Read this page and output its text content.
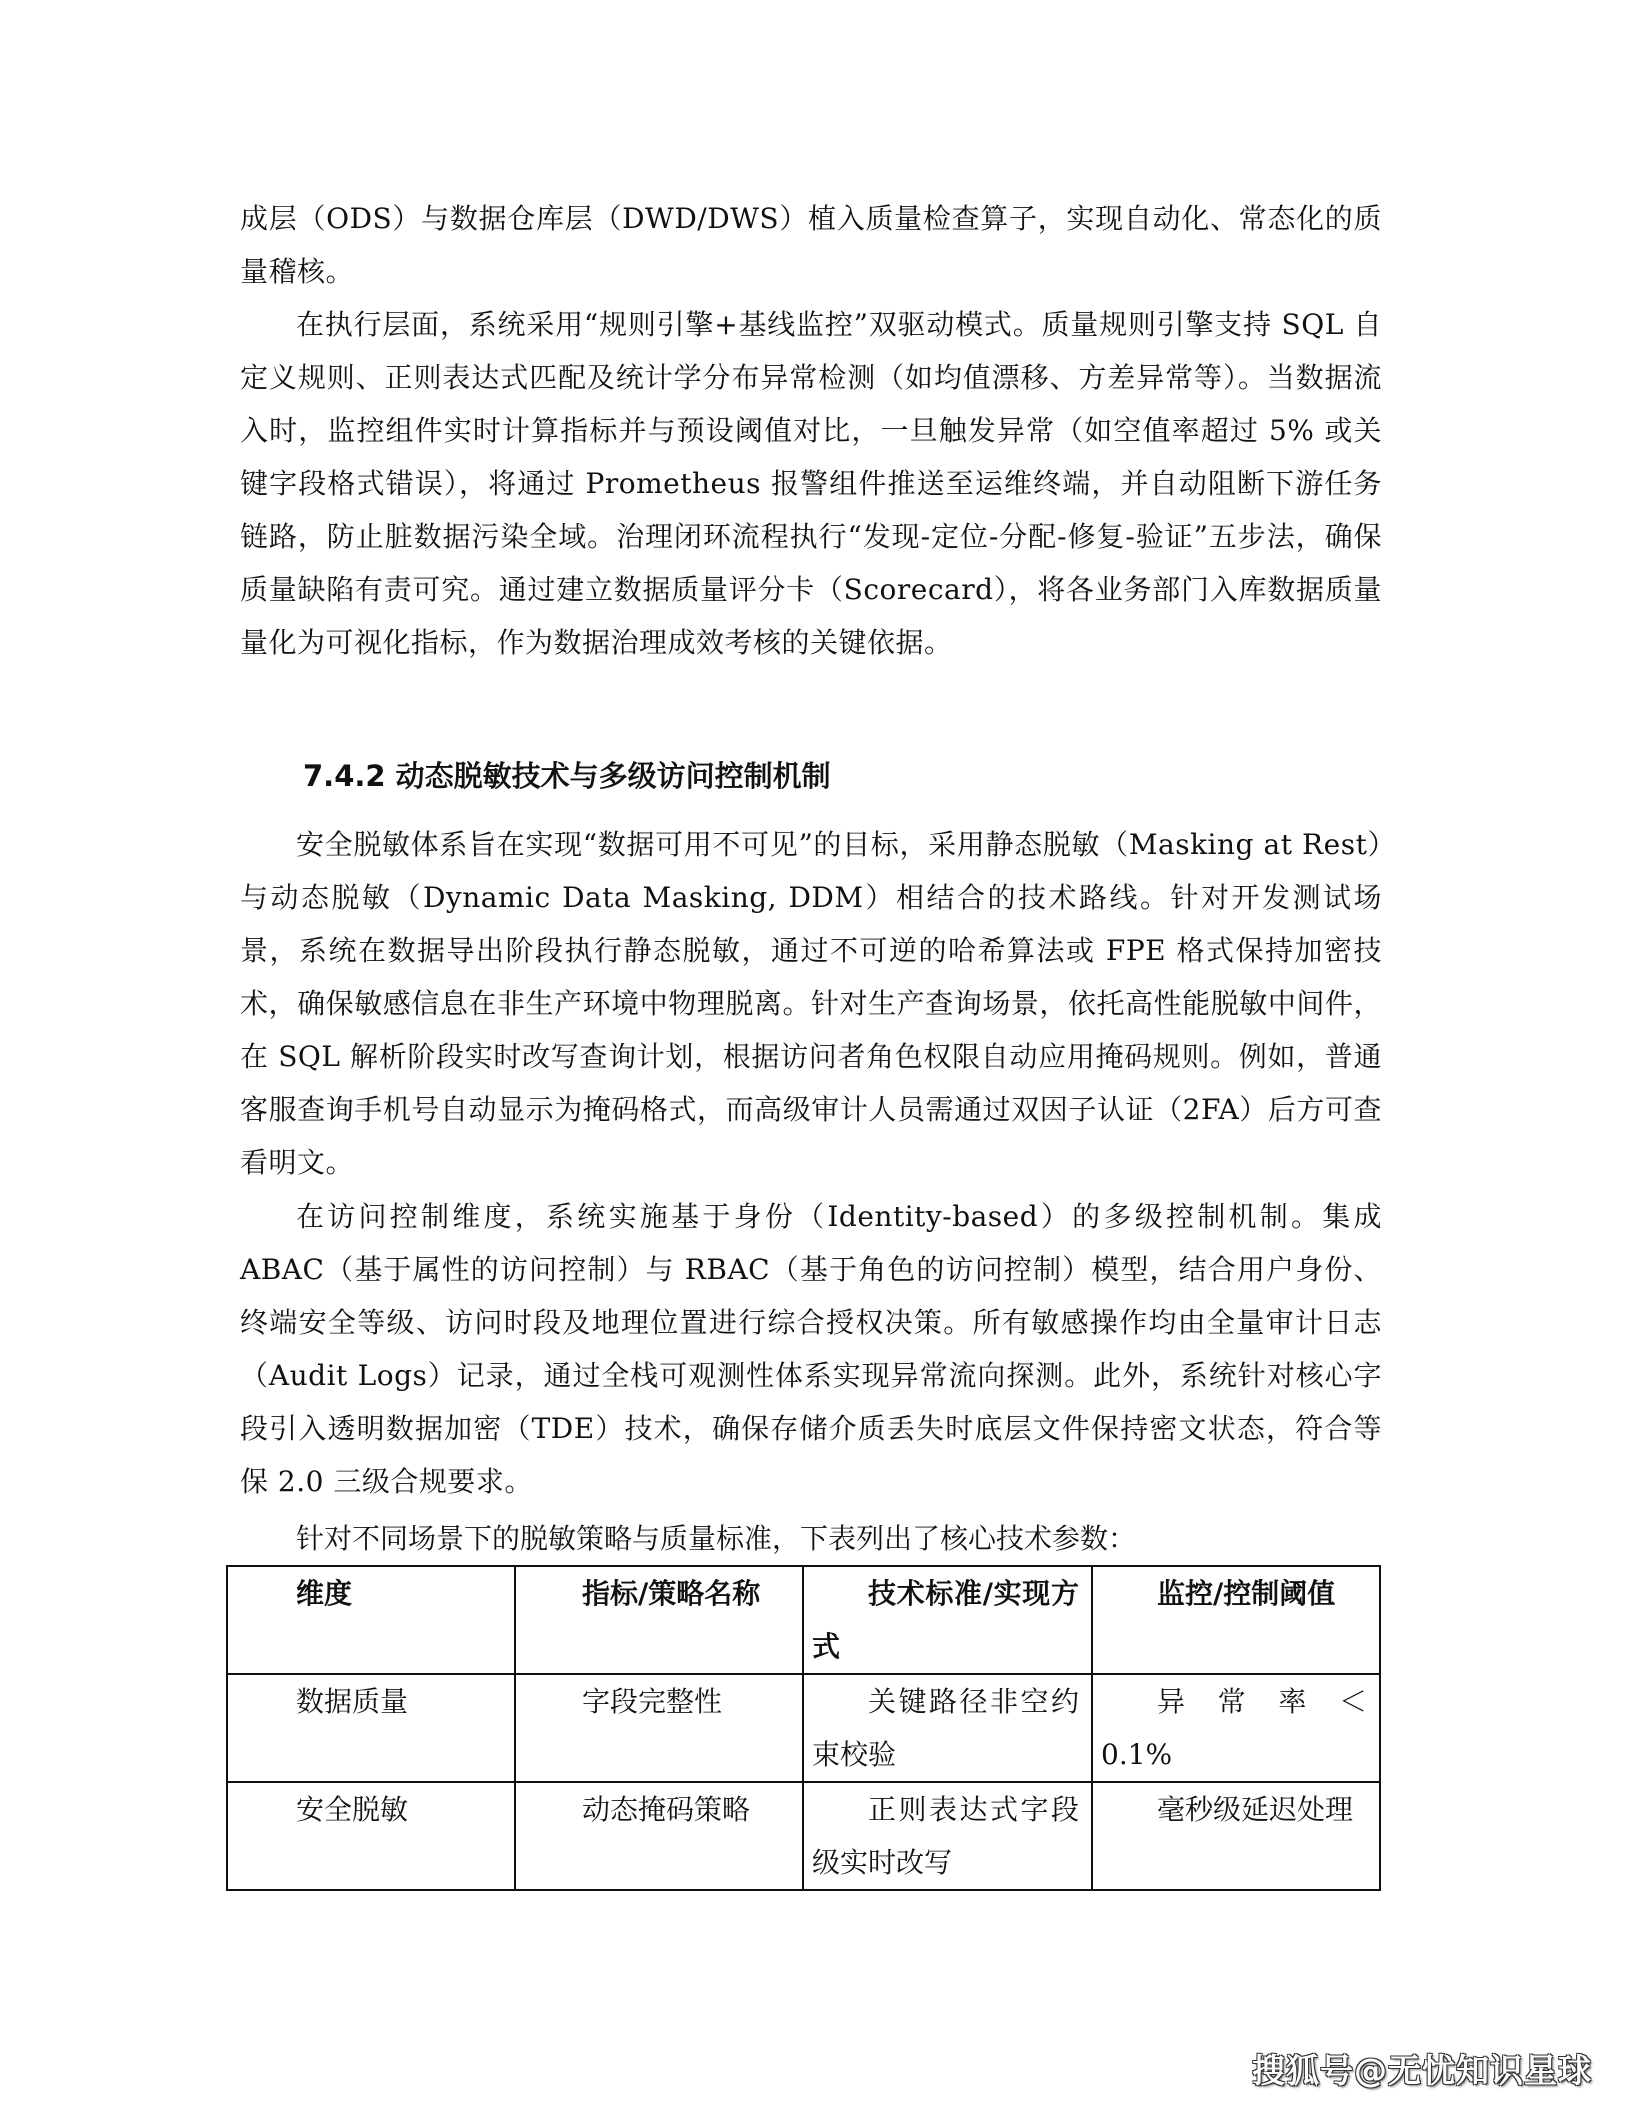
成层（ODS）与数据仓库层（DWD/DWS）植入质量检查算子，实现自动化、常态化的质量稽核。

在执行层面，系统采用“规则引擎+基线监控”双驱动模式。质量规则引擎支持 SQL 自定义规则、正则表达式匹配及统计学分布异常检测（如均值漂移、方差异常等）。当数据流入时，监控组件实时计算指标并与预设阈值对比，一旦触发异常（如空值率超过 5% 或关键字段格式错误），将通过 Prometheus 报警组件推送至运维终端，并自动阻断下游任务链路，防止脏数据污染全域。治理闭环流程执行“发现-定位-分配-修复-验证”五步法，确保质量缺陷有责可究。通过建立数据质量评分卡（Scorecard），将各业务部门入库数据质量量化为可视化指标，作为数据治理成效考核的关键依据。

7.4.2 动态脱敏技术与多级访问控制机制

安全脱敏体系旨在实现“数据可用不可见”的目标，采用静态脱敏（Masking at Rest）与动态脱敏（Dynamic Data Masking, DDM）相结合的技术路线。针对开发测试场景，系统在数据导出阶段执行静态脱敏，通过不可逆的哈希算法或 FPE 格式保持加密技术，确保敏感信息在非生产环境中物理脱离。针对生产查询场景，依托高性能脱敏中间件，在 SQL 解析阶段实时改写查询计划，根据访问者角色权限自动应用掩码规则。例如，普通客服查询手机号自动显示为掩码格式，而高级审计人员需通过双因子认证（2FA）后方可查看明文。

在访问控制维度，系统实施基于身份（Identity-based）的多级控制机制。集成 ABAC（基于属性的访问控制）与 RBAC（基于角色的访问控制）模型，结合用户身份、终端安全等级、访问时段及地理位置进行综合授权决策。所有敏感操作均由全量审计日志（Audit Logs）记录，通过全栈可观测性体系实现异常流向探测。此外，系统针对核心字段引入透明数据加密（TDE）技术，确保存储介质丢失时底层文件保持密文状态，符合等保 2.0 三级合规要求。

针对不同场景下的脱敏策略与质量标准，下表列出了核心技术参数：

维度	指标/策略名称	技术标准/实现方式	监控/控制阈值
数据质量	字段完整性	关键路径非空约束校验	异 常 率 ＜ 0.1%
安全脱敏	动态掩码策略	正则表达式字段级实时改写	毫秒级延迟处理
搜狐号@无忧知识星球
